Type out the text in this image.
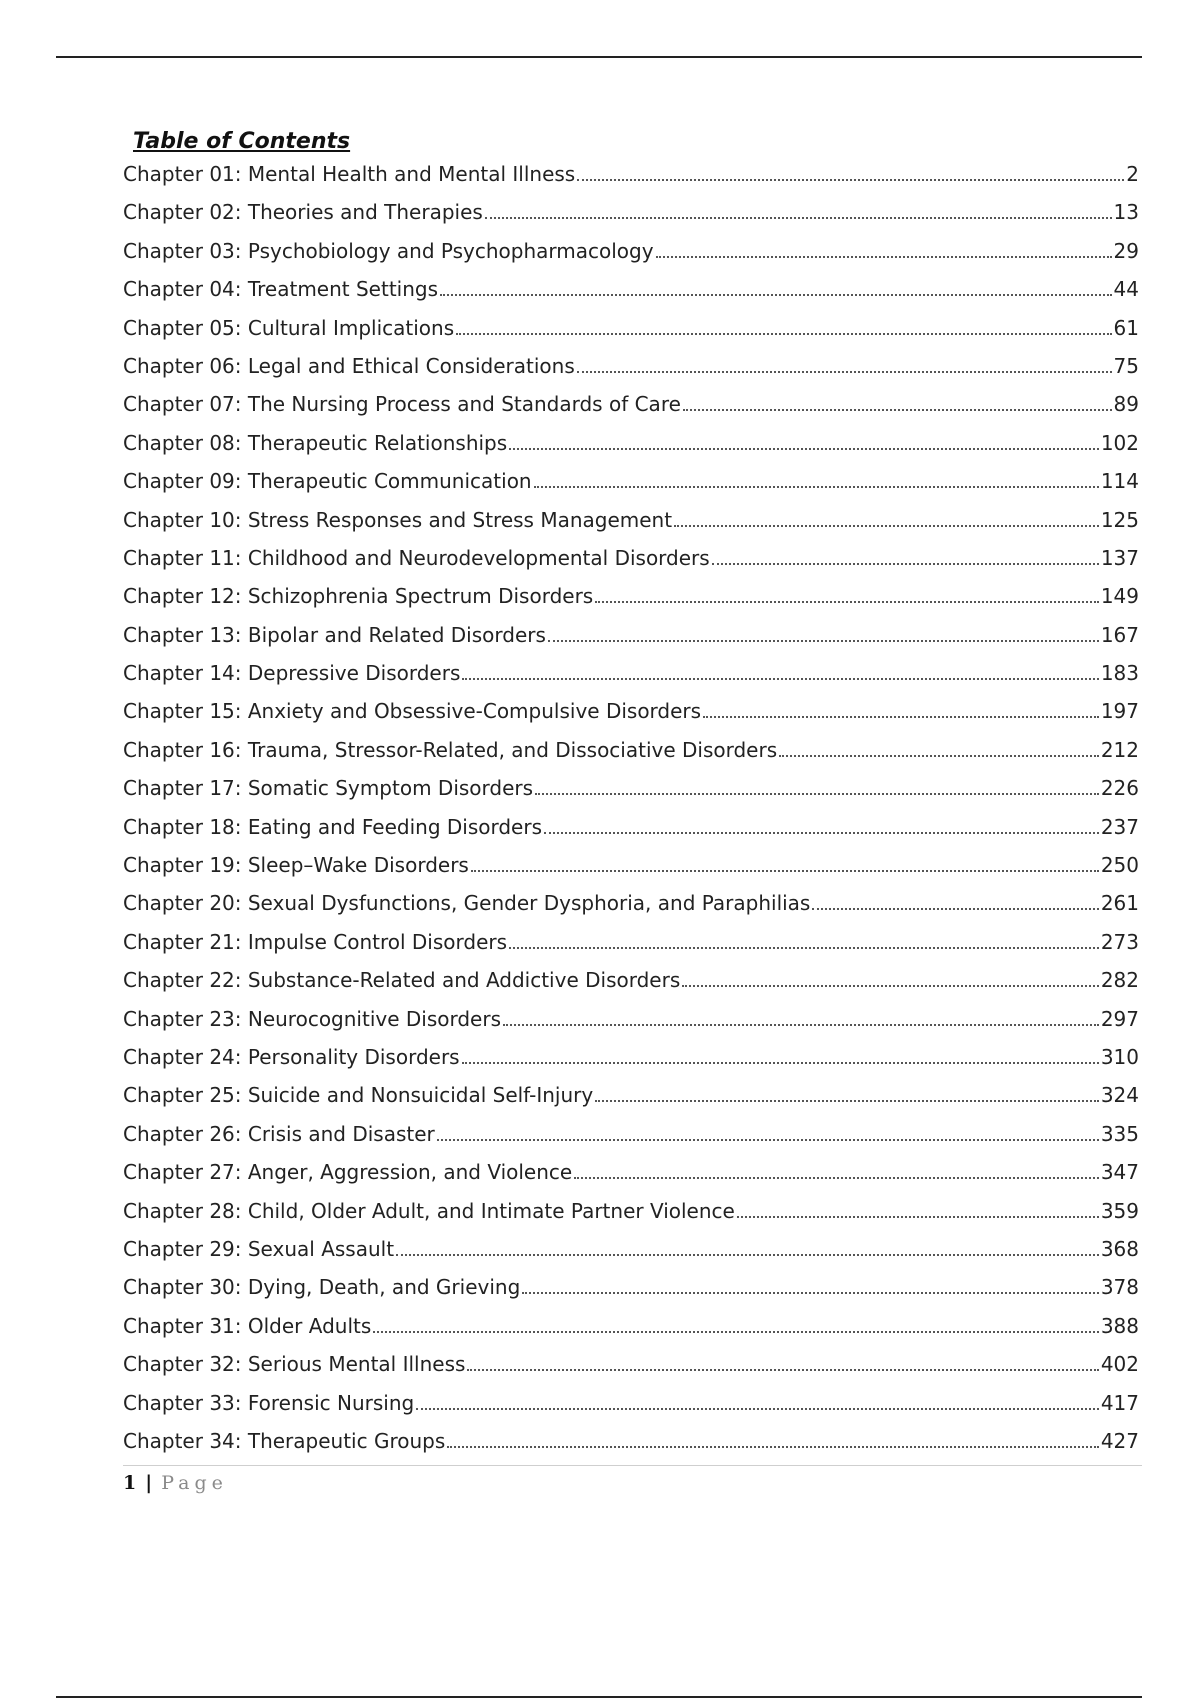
Table of Contents
Chapter 01: Mental Health and Mental Illness	2
Chapter 02: Theories and Therapies	13
Chapter 03: Psychobiology and Psychopharmacology	29
Chapter 04: Treatment Settings	44
Chapter 05: Cultural Implications	61
Chapter 06: Legal and Ethical Considerations	75
Chapter 07: The Nursing Process and Standards of Care	89
Chapter 08: Therapeutic Relationships	102
Chapter 09: Therapeutic Communication	114
Chapter 10: Stress Responses and Stress Management	125
Chapter 11: Childhood and Neurodevelopmental Disorders	137
Chapter 12: Schizophrenia Spectrum Disorders	149
Chapter 13: Bipolar and Related Disorders	167
Chapter 14: Depressive Disorders	183
Chapter 15: Anxiety and Obsessive-Compulsive Disorders	197
Chapter 16: Trauma, Stressor-Related, and Dissociative Disorders	212
Chapter 17: Somatic Symptom Disorders	226
Chapter 18: Eating and Feeding Disorders	237
Chapter 19: Sleep–Wake Disorders	250
Chapter 20: Sexual Dysfunctions, Gender Dysphoria, and Paraphilias	261
Chapter 21: Impulse Control Disorders	273
Chapter 22: Substance-Related and Addictive Disorders	282
Chapter 23: Neurocognitive Disorders	297
Chapter 24: Personality Disorders	310
Chapter 25: Suicide and Nonsuicidal Self-Injury	324
Chapter 26: Crisis and Disaster	335
Chapter 27: Anger, Aggression, and Violence	347
Chapter 28: Child, Older Adult, and Intimate Partner Violence	359
Chapter 29: Sexual Assault	368
Chapter 30: Dying, Death, and Grieving	378
Chapter 31: Older Adults	388
Chapter 32: Serious Mental Illness	402
Chapter 33: Forensic Nursing	417
Chapter 34: Therapeutic Groups	427
1 | Page
